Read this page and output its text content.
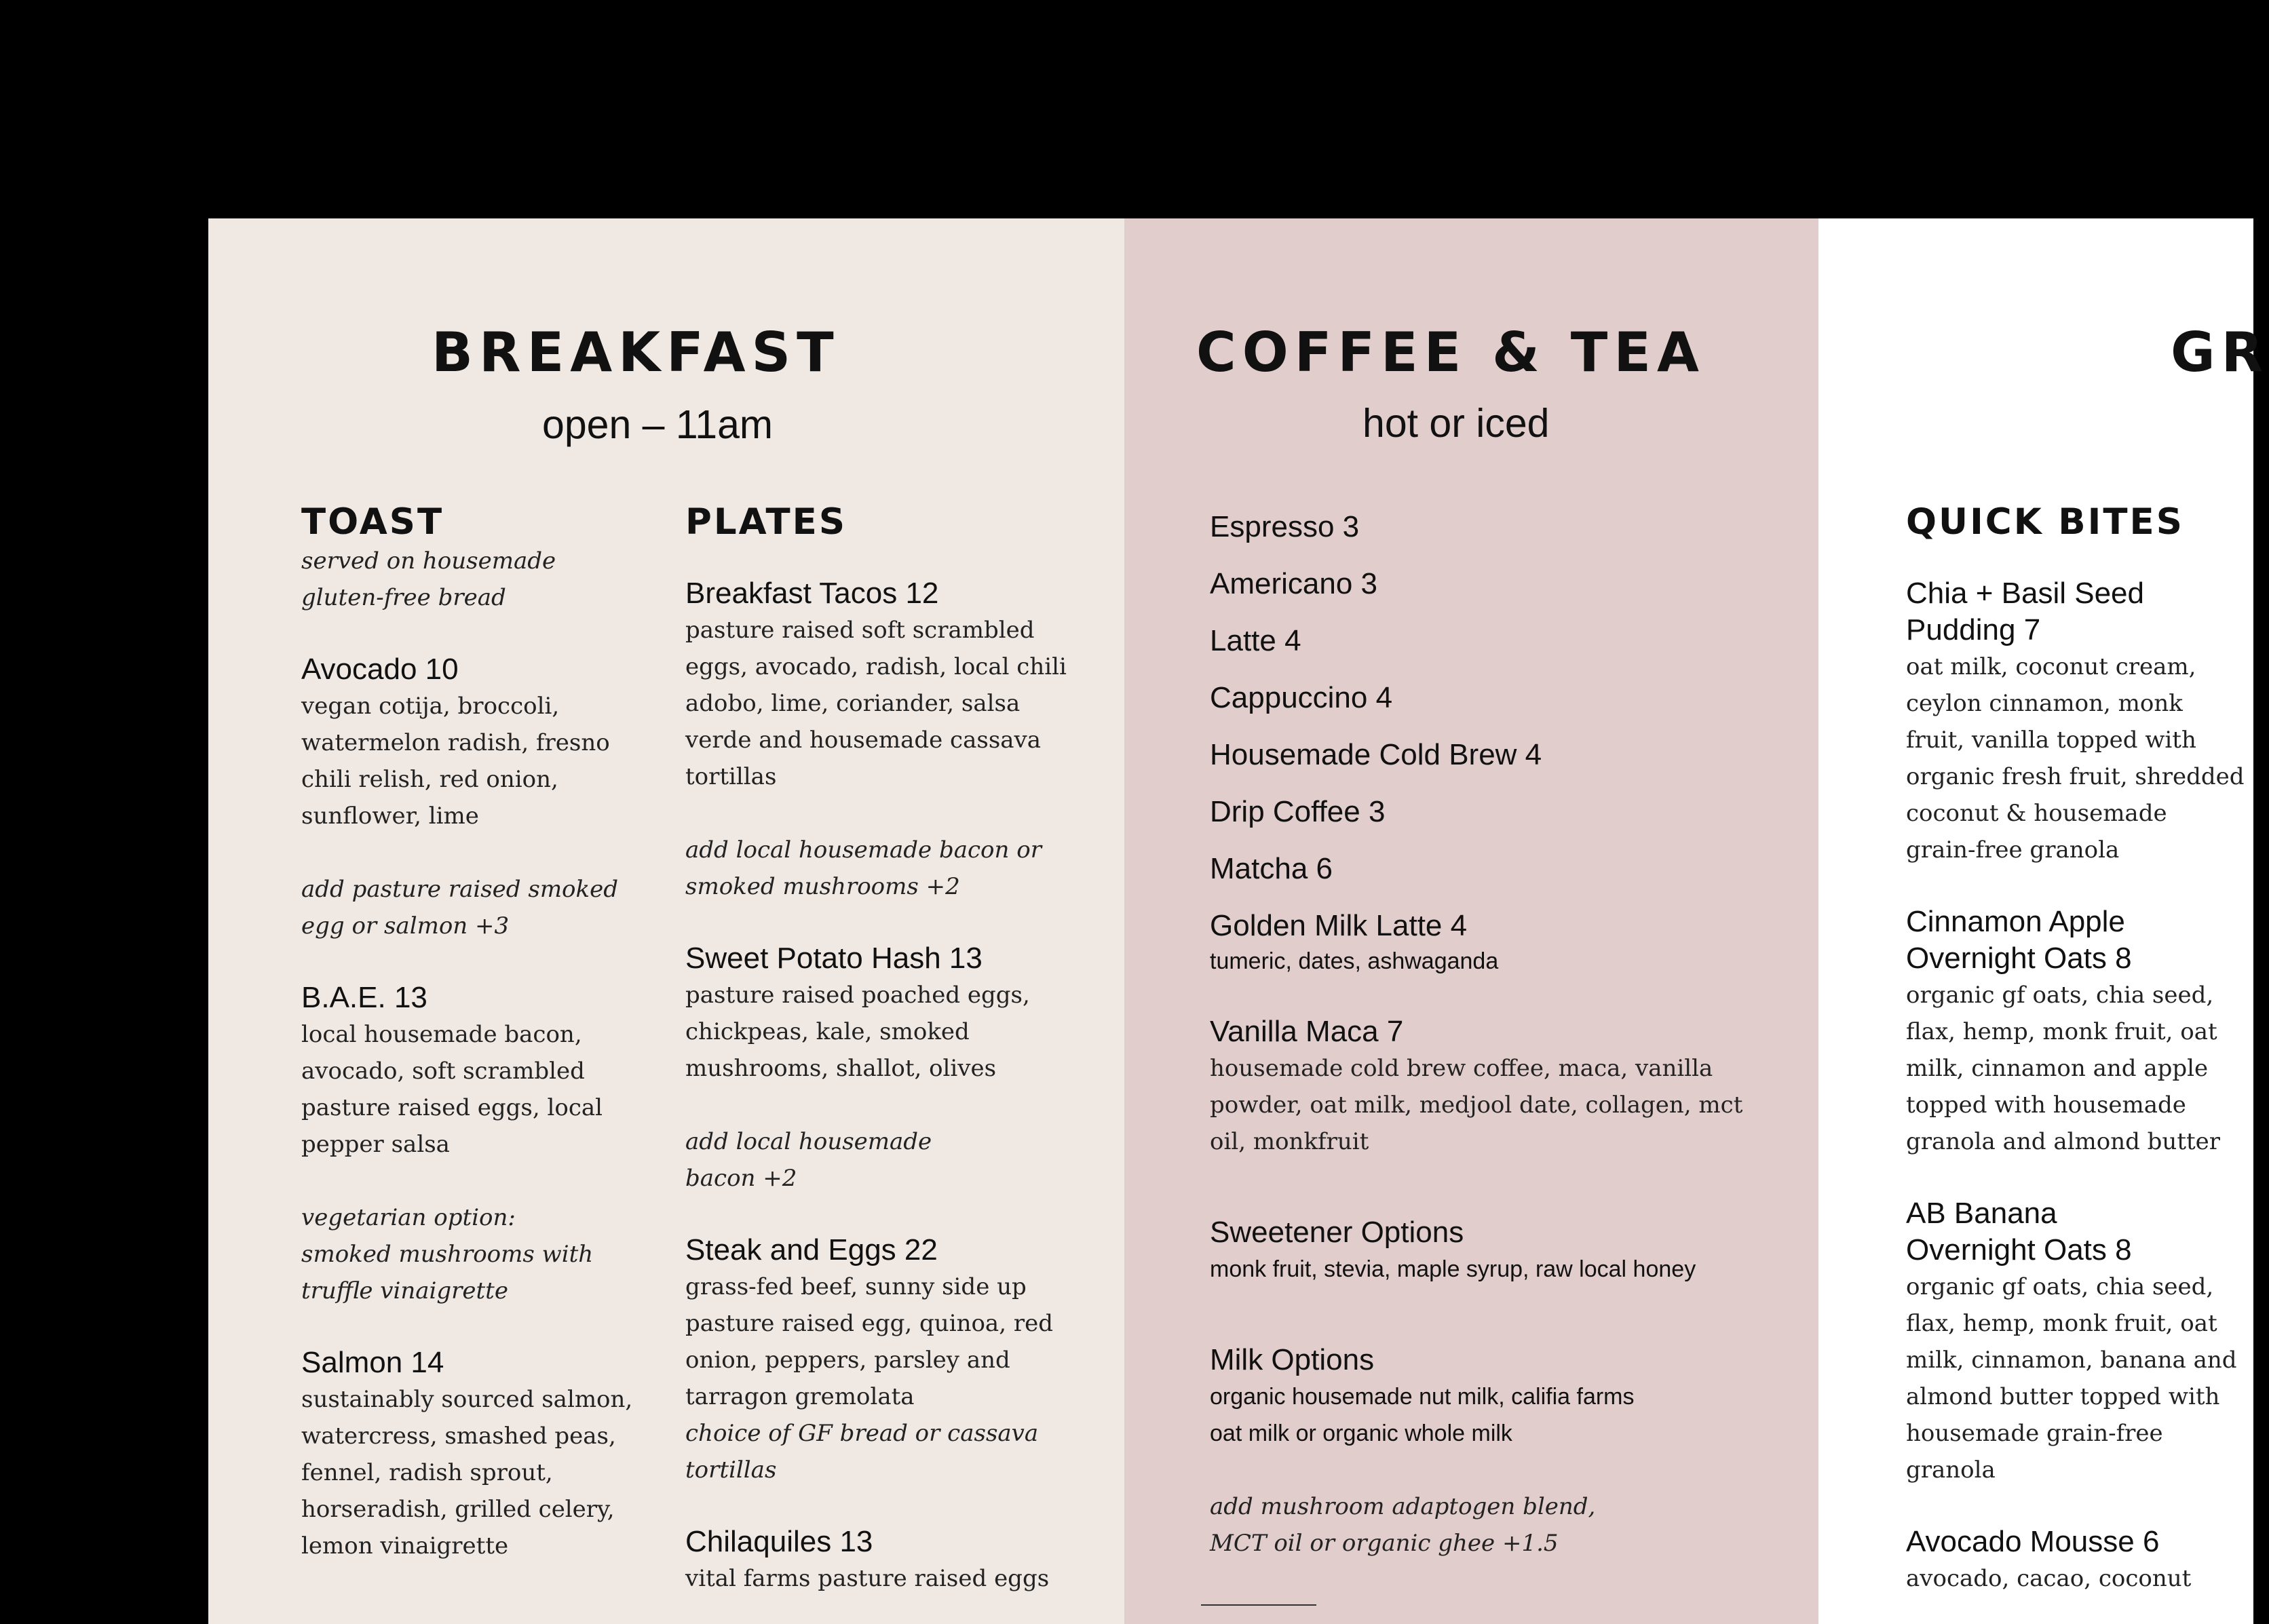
BREAKFAST
open – 11am
TOAST
served on housemade
gluten-free bread
Avocado 10
vegan cotija, broccoli,
watermelon radish, fresno
chili relish, red onion,
sunflower, lime
add pasture raised smoked
egg or salmon +3
B.A.E. 13
local housemade bacon,
avocado, soft scrambled
pasture raised eggs, local
pepper salsa
vegetarian option:
smoked mushrooms with
truffle vinaigrette
Salmon 14
sustainably sourced salmon,
watercress, smashed peas,
fennel, radish sprout,
horseradish, grilled celery,
lemon vinaigrette
PLATES
Breakfast Tacos 12
pasture raised soft scrambled
eggs, avocado, radish, local chili
adobo, lime, coriander, salsa
verde and housemade cassava
tortillas
add local housemade bacon or
smoked mushrooms +2
Sweet Potato Hash 13
pasture raised poached eggs,
chickpeas, kale, smoked
mushrooms, shallot, olives
add local housemade
bacon +2
Steak and Eggs 22
grass-fed beef, sunny side up
pasture raised egg, quinoa, red
onion, peppers, parsley and
tarragon gremolata
choice of GF bread or cassava
tortillas
Chilaquiles 13
vital farms pasture raised eggs
COFFEE & TEA
hot or iced
Espresso 3
Americano 3
Latte 4
Cappuccino 4
Housemade Cold Brew 4
Drip Coffee 3
Matcha 6
Golden Milk Latte 4
tumeric, dates, ashwaganda
Vanilla Maca 7
housemade cold brew coffee, maca, vanilla
powder, oat milk, medjool date, collagen, mct
oil, monkfruit
Sweetener Options
monk fruit, stevia, maple syrup, raw local honey
Milk Options
organic housemade nut milk, califia farms
oat milk or organic whole milk
add mushroom adaptogen blend,
MCT oil or organic ghee +1.5
GR
QUICK BITES
Chia + Basil Seed
Pudding 7
oat milk, coconut cream,
ceylon cinnamon, monk
fruit, vanilla topped with
organic fresh fruit, shredded
coconut & housemade
grain-free granola
Cinnamon Apple
Overnight Oats 8
organic gf oats, chia seed,
flax, hemp, monk fruit, oat
milk, cinnamon and apple
topped with housemade
granola and almond butter
AB Banana
Overnight Oats 8
organic gf oats, chia seed,
flax, hemp, monk fruit, oat
milk, cinnamon, banana and
almond butter topped with
housemade grain-free
granola
Avocado Mousse 6
avocado, cacao, coconut
